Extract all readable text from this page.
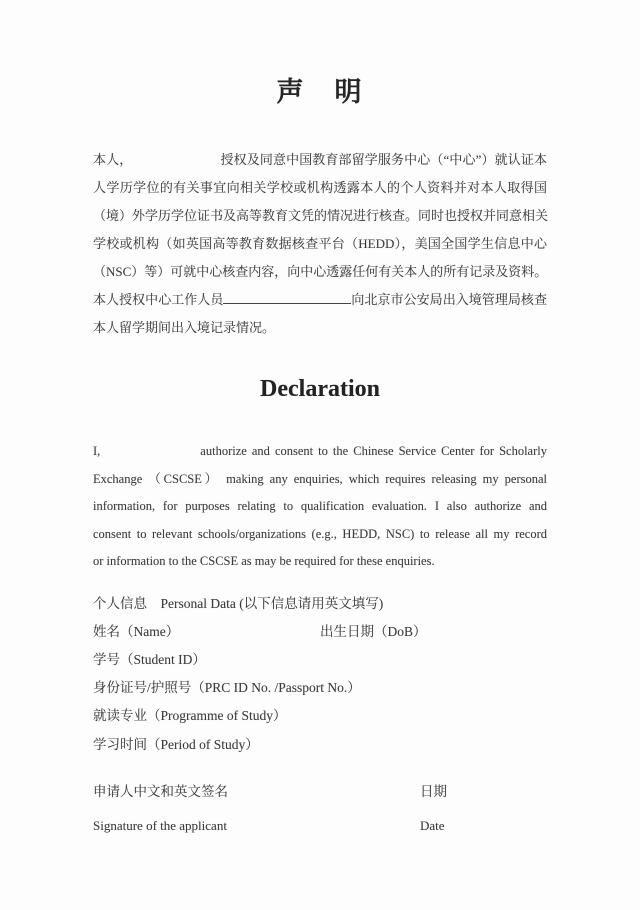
声　明
本人，	授权及同意中国教育部留学服务中心（“中心”）就认证本
人学历学位的有关事宜向相关学校或机构透露本人的个人资料并对本人取得国
（境）外学历学位证书及高等教育文凭的情况进行核查。同时也授权并同意相关
学校或机构（如英国高等教育数据核查平台（HEDD），美国全国学生信息中心
（NSC）等）可就中心核查内容，向中心透露任何有关本人的所有记录及资料。
本人授权中心工作人员	向北京市公安局出入境管理局核查
本人留学期间出入境记录情况。
Declaration
I,	authorize and consent to the Chinese Service Center for Scholarly
Exchange （CSCSE） making any enquiries, which requires releasing my personal
information, for purposes relating to qualification evaluation. I also authorize and
consent to relevant schools/organizations (e.g., HEDD, NSC) to release all my record
or information to the CSCSE as may be required for these enquiries.
个人信息　Personal Data (以下信息请用英文填写)
姓名（Name）	出生日期（DoB）
学号（Student ID）
身份证号/护照号（PRC ID No. /Passport No.）
就读专业（Programme of Study）
学习时间（Period of Study）
申请人中文和英文签名	日期
Signature of the applicant	Date
